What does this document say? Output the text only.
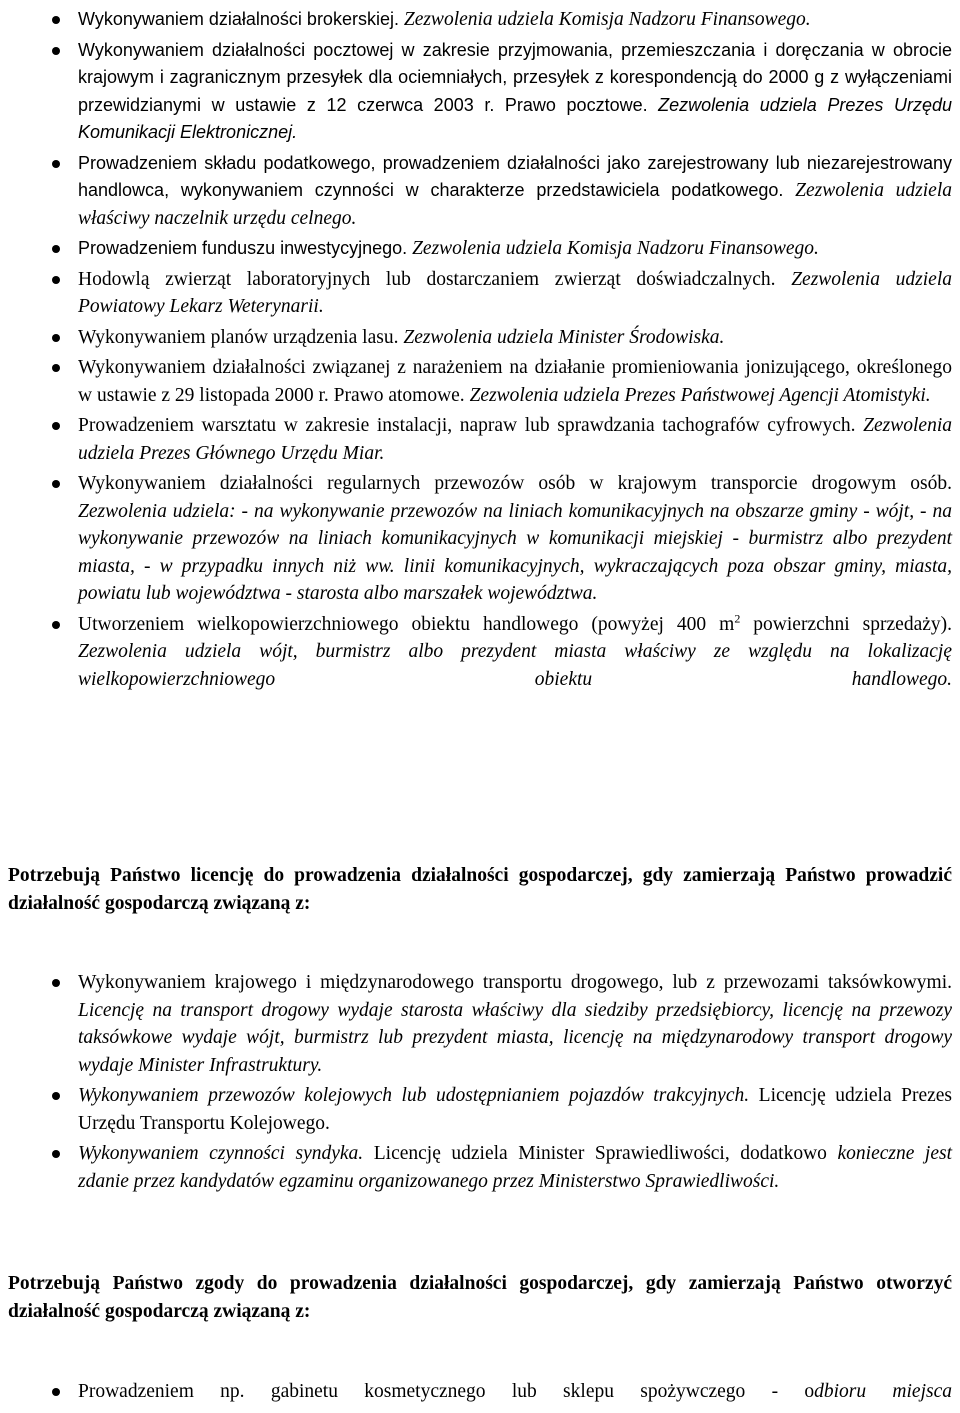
Wykonywaniem działalności brokerskiej. Zezwolenia udziela Komisja Nadzoru Finansowego.
Wykonywaniem działalności pocztowej w zakresie przyjmowania, przemieszczania i doręczania w obrocie krajowym i zagranicznym przesyłek dla ociemniałych, przesyłek z korespondencją do 2000 g z wyłączeniami przewidzianymi w ustawie z 12 czerwca 2003 r. Prawo pocztowe. Zezwolenia udziela Prezes Urzędu Komunikacji Elektronicznej.
Prowadzeniem składu podatkowego, prowadzeniem działalności jako zarejestrowany lub niezarejestrowany handlowca, wykonywaniem czynności w charakterze przedstawiciela podatkowego. Zezwolenia udziela właściwy naczelnik urzędu celnego.
Prowadzeniem funduszu inwestycyjnego. Zezwolenia udziela Komisja Nadzoru Finansowego.
Hodowlą zwierząt laboratoryjnych lub dostarczaniem zwierząt doświadczalnych. Zezwolenia udziela Powiatowy Lekarz Weterynarii.
Wykonywaniem planów urządzenia lasu. Zezwolenia udziela Minister Środowiska.
Wykonywaniem działalności związanej z narażeniem na działanie promieniowania jonizującego, określonego w ustawie z 29 listopada 2000 r. Prawo atomowe. Zezwolenia udziela Prezes Państwowej Agencji Atomistyki.
Prowadzeniem warsztatu w zakresie instalacji, napraw lub sprawdzania tachografów cyfrowych. Zezwolenia udziela Prezes Głównego Urzędu Miar.
Wykonywaniem działalności regularnych przewozów osób w krajowym transporcie drogowym osób. Zezwolenia udziela: - na wykonywanie przewozów na liniach komunikacyjnych na obszarze gminy - wójt, - na wykonywanie przewozów na liniach komunikacyjnych w komunikacji miejskiej - burmistrz albo prezydent miasta, - w przypadku innych niż ww. linii komunikacyjnych, wykraczających poza obszar gminy, miasta, powiatu lub województwa - starosta albo marszałek województwa.
Utworzeniem wielkopowierzchniowego obiektu handlowego (powyżej 400 $m^2$ powierzchni sprzedaży). Zezwolenia udziela wójt, burmistrz albo prezydent miasta właściwy ze względu na lokalizację wielkopowierzchniowego obiektu handlowego.
Potrzebują Państwo licencję do prowadzenia działalności gospodarczej, gdy zamierzają Państwo prowadzić działalność gospodarczą związaną z:
Wykonywaniem krajowego i międzynarodowego transportu drogowego, lub z przewozami taksówkowymi. Licencję na transport drogowy wydaje starosta właściwy dla siedziby przedsiębiorcy, licencję na przewozy taksówkowe wydaje wójt, burmistrz lub prezydent miasta, licencję na międzynarodowy transport drogowy wydaje Minister Infrastruktury.
Wykonywaniem przewozów kolejowych lub udostępnianiem pojazdów trakcyjnych. Licencję udziela Prezes Urzędu Transportu Kolejowego.
Wykonywaniem czynności syndyka. Licencję udziela Minister Sprawiedliwości, dodatkowo konieczne jest zdanie przez kandydatów egzaminu organizowanego przez Ministerstwo Sprawiedliwości.
Potrzebują Państwo zgody do prowadzenia działalności gospodarczej, gdy zamierzają Państwo otworzyć działalność gospodarczą związaną z:
Prowadzeniem np. gabinetu kosmetycznego lub sklepu spożywczego - odbioru miejsca
